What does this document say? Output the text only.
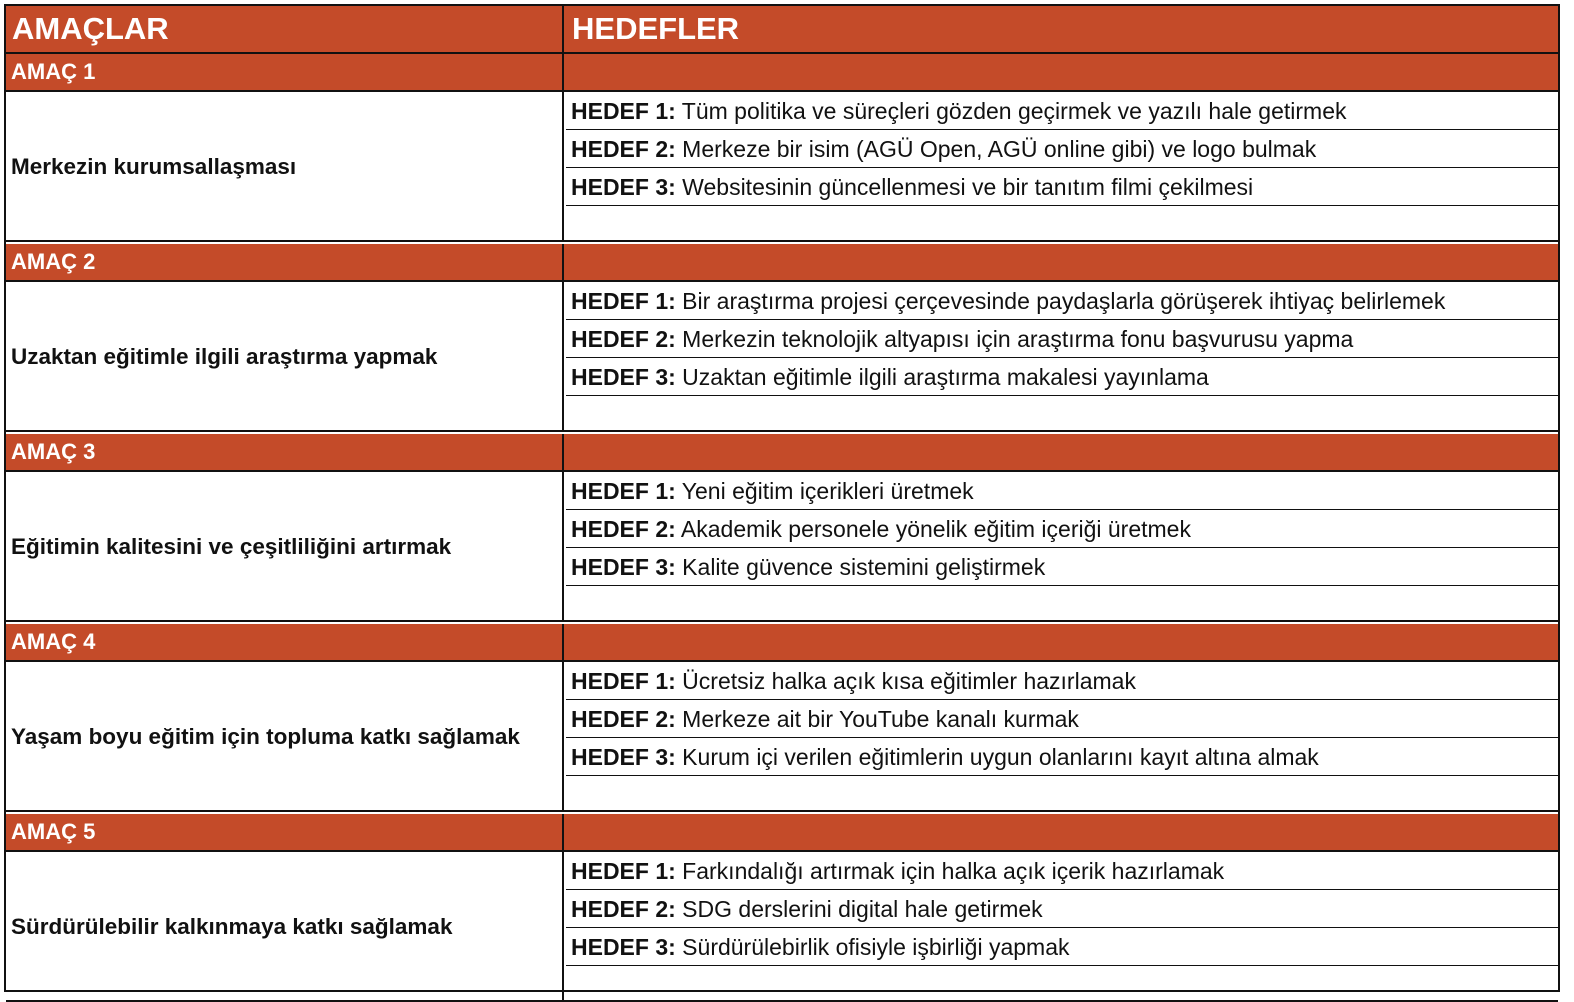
AMAÇLAR	HEDEFLER
AMAÇ 1
Merkezin kurumsallaşması
HEDEF 1: Tüm politika ve süreçleri gözden geçirmek ve yazılı hale getirmek
HEDEF 2: Merkeze bir isim (AGÜ Open, AGÜ online gibi) ve logo bulmak
HEDEF 3: Websitesinin güncellenmesi ve bir tanıtım filmi çekilmesi
AMAÇ 2
Uzaktan eğitimle ilgili araştırma yapmak
HEDEF 1: Bir araştırma projesi çerçevesinde paydaşlarla görüşerek ihtiyaç belirlemek
HEDEF 2: Merkezin teknolojik altyapısı için araştırma fonu başvurusu yapma
HEDEF 3: Uzaktan eğitimle ilgili araştırma makalesi yayınlama
AMAÇ 3
Eğitimin kalitesini ve çeşitliliğini artırmak
HEDEF 1: Yeni eğitim içerikleri üretmek
HEDEF 2: Akademik personele yönelik eğitim içeriği üretmek
HEDEF 3: Kalite güvence sistemini geliştirmek
AMAÇ 4
Yaşam boyu eğitim için topluma katkı sağlamak
HEDEF 1: Ücretsiz halka açık kısa eğitimler hazırlamak
HEDEF 2: Merkeze ait bir YouTube kanalı kurmak
HEDEF 3: Kurum içi verilen eğitimlerin uygun olanlarını kayıt altına almak
AMAÇ 5
Sürdürülebilir kalkınmaya katkı sağlamak
HEDEF 1: Farkındalığı artırmak için halka açık içerik hazırlamak
HEDEF 2: SDG derslerini digital hale getirmek
HEDEF 3: Sürdürülebirlik ofisiyle işbirliği yapmak
